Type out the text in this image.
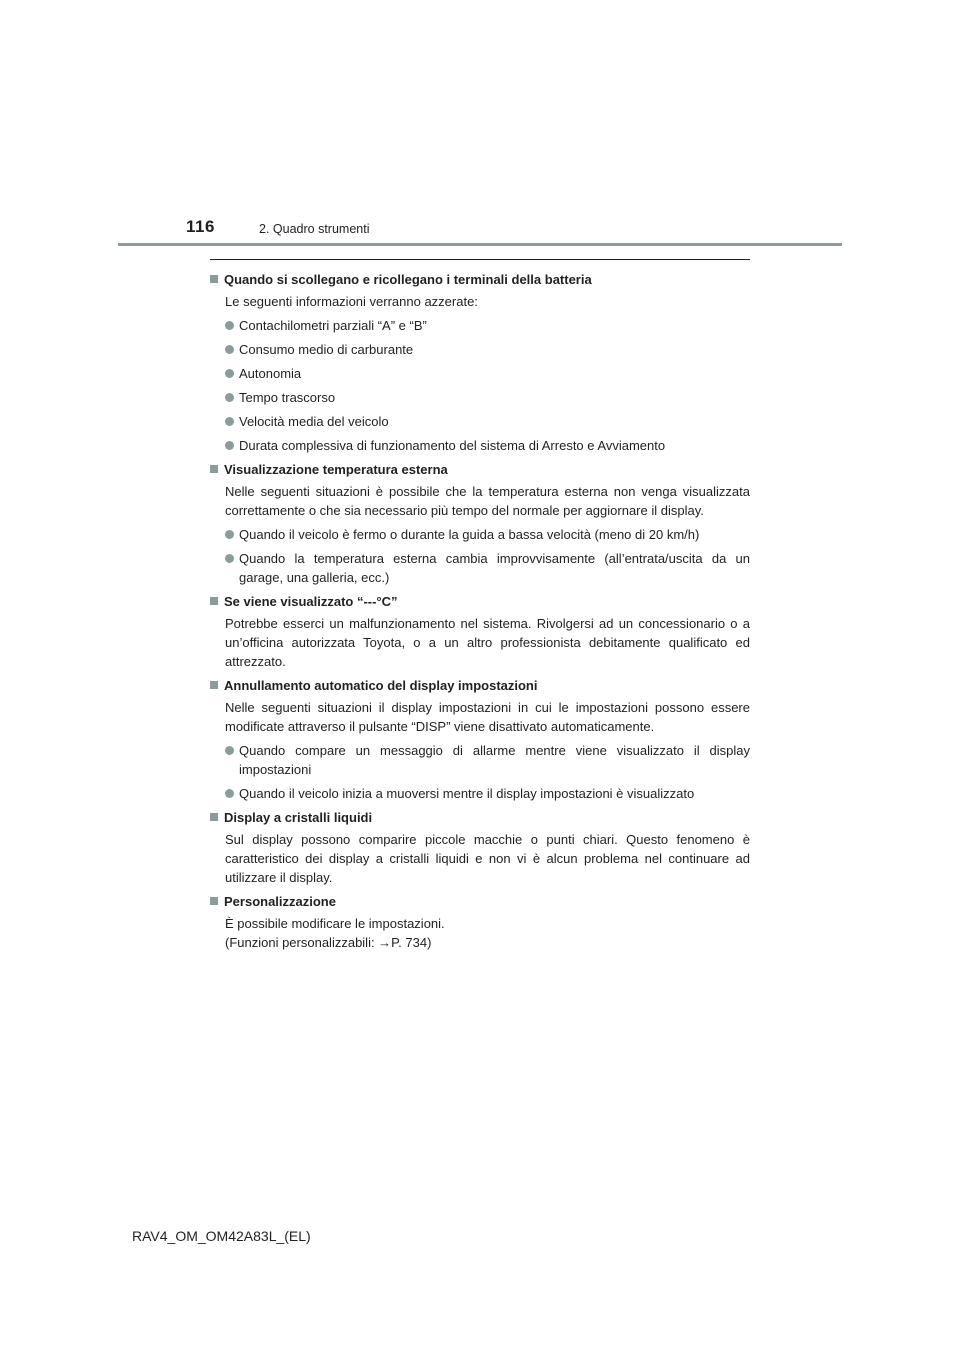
116	2. Quadro strumenti
Quando si scollegano e ricollegano i terminali della batteria
Le seguenti informazioni verranno azzerate:
Contachilometri parziali “A” e “B”
Consumo medio di carburante
Autonomia
Tempo trascorso
Velocità media del veicolo
Durata complessiva di funzionamento del sistema di Arresto e Avviamento
Visualizzazione temperatura esterna
Nelle seguenti situazioni è possibile che la temperatura esterna non venga visualizzata correttamente o che sia necessario più tempo del normale per aggiornare il display.
Quando il veicolo è fermo o durante la guida a bassa velocità (meno di 20 km/h)
Quando la temperatura esterna cambia improvvisamente (all’entrata/uscita da un garage, una galleria, ecc.)
Se viene visualizzato “---°C”
Potrebbe esserci un malfunzionamento nel sistema. Rivolgersi ad un concessionario o a un’officina autorizzata Toyota, o a un altro professionista debitamente qualificato ed attrezzato.
Annullamento automatico del display impostazioni
Nelle seguenti situazioni il display impostazioni in cui le impostazioni possono essere modificate attraverso il pulsante “DISP” viene disattivato automaticamente.
Quando compare un messaggio di allarme mentre viene visualizzato il display impostazioni
Quando il veicolo inizia a muoversi mentre il display impostazioni è visualizzato
Display a cristalli liquidi
Sul display possono comparire piccole macchie o punti chiari. Questo fenomeno è caratteristico dei display a cristalli liquidi e non vi è alcun problema nel continuare ad utilizzare il display.
Personalizzazione
È possibile modificare le impostazioni.
(Funzioni personalizzabili: →P. 734)
RAV4_OM_OM42A83L_(EL)
